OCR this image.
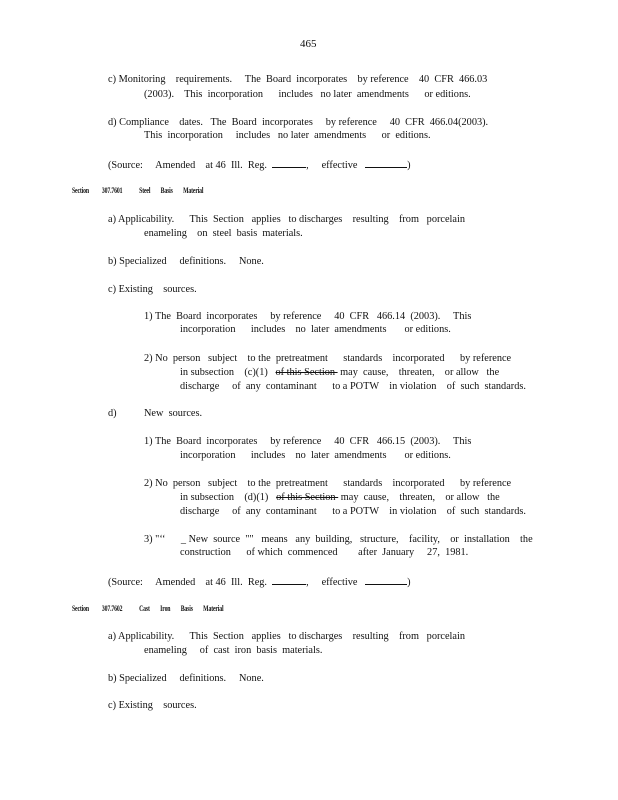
465
c) Monitoring    requirements.     The  Board  incorporates    by reference    40  CFR  466.03
(2003).    This  incorporation      includes   no later  amendments      or editions.
d) Compliance    dates.   The  Board  incorporates     by reference     40  CFR  466.04(2003).
This  incorporation     includes   no later  amendments      or  editions.
(Source:     Amended    at 46  Ill.  Reg.	,     effective	)
Section          307.7601             Steel        Basis        Material
a) Applicability.      This  Section   applies   to discharges    resulting    from   porcelain
enameling    on  steel  basis  materials.
b) Specialized     definitions.     None.
c) Existing    sources.
1) The  Board  incorporates     by reference     40  CFR   466.14  (2003).     This
incorporation      includes    no  later  amendments       or editions.
2) No  person   subject    to the  pretreatment      standards    incorporated      by reference
in subsection    (c)(1)   of this Section  may  cause,    threaten,    or allow   the
discharge     of  any  contaminant      to a POTW    in violation    of  such  standards.
d)	New  sources.
1) The  Board  incorporates     by reference     40  CFR   466.15  (2003).     This
incorporation      includes    no  later  amendments       or editions.
2) No  person   subject    to the  pretreatment      standards    incorporated      by reference
in subsection    (d)(1)   of this Section  may  cause,    threaten,    or allow   the
discharge     of  any  contaminant      to a POTW    in violation    of  such  standards.
3) "‘‘      _ New  source  ""   means   any  building,   structure,    facility,    or  installation    the
construction      of which  commenced        after  January     27,  1981.
(Source:     Amended    at 46  Ill.  Reg.	,     effective	)
Section          307.7602             Cast        Iron        Basis        Material
a) Applicability.      This  Section   applies   to discharges    resulting    from   porcelain
enameling     of  cast  iron  basis  materials.
b) Specialized     definitions.     None.
c) Existing    sources.
